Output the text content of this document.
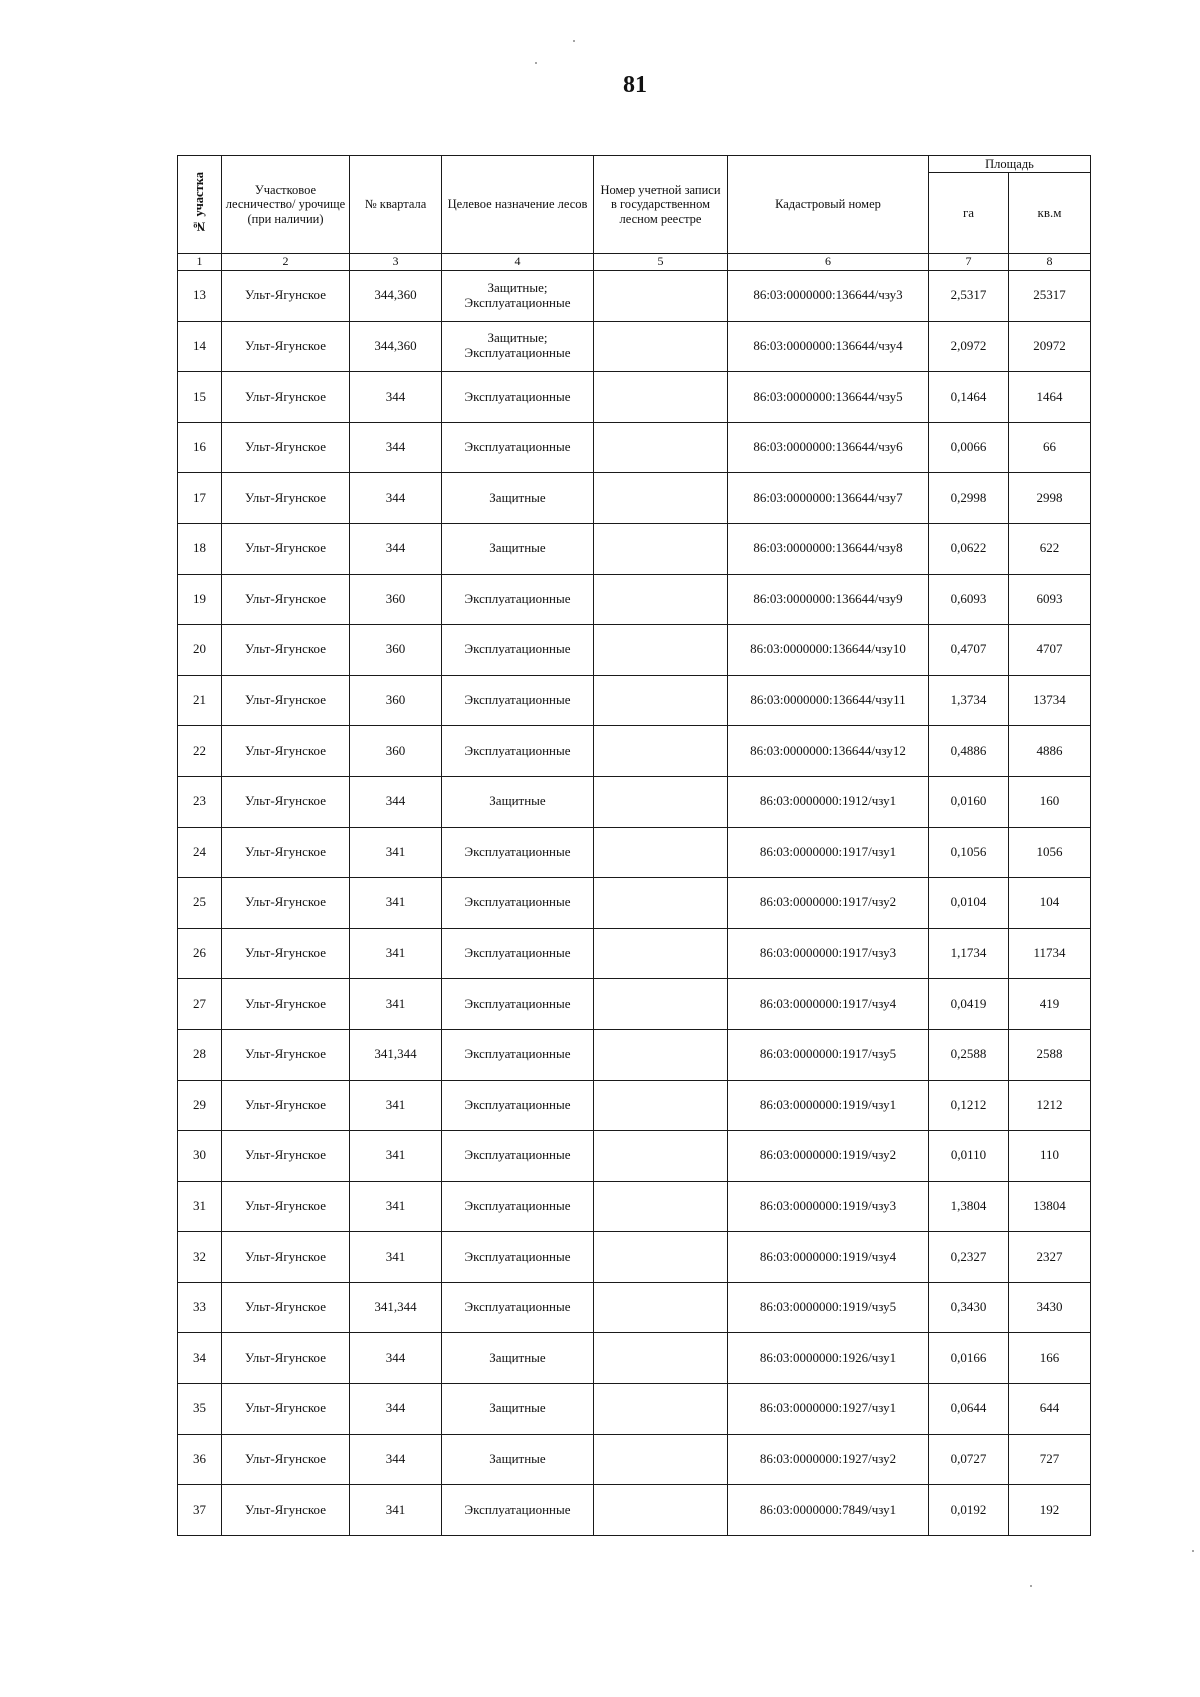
81
№ участка	Участковое лесничество/ урочище (при наличии)	№ квартала	Целевое назначение лесов	Номер учетной записи в государственном лесном реестре	Кадастровый номер	Площадь	
						га	кв.м
1	2	3	4	5	6	7	8
13	Ульт-Ягунское	344,360	Защитные; Эксплуатационные		86:03:0000000:136644/чзу3	2,5317	25317
14	Ульт-Ягунское	344,360	Защитные; Эксплуатационные		86:03:0000000:136644/чзу4	2,0972	20972
15	Ульт-Ягунское	344	Эксплуатационные		86:03:0000000:136644/чзу5	0,1464	1464
16	Ульт-Ягунское	344	Эксплуатационные		86:03:0000000:136644/чзу6	0,0066	66
17	Ульт-Ягунское	344	Защитные		86:03:0000000:136644/чзу7	0,2998	2998
18	Ульт-Ягунское	344	Защитные		86:03:0000000:136644/чзу8	0,0622	622
19	Ульт-Ягунское	360	Эксплуатационные		86:03:0000000:136644/чзу9	0,6093	6093
20	Ульт-Ягунское	360	Эксплуатационные		86:03:0000000:136644/чзу10	0,4707	4707
21	Ульт-Ягунское	360	Эксплуатационные		86:03:0000000:136644/чзу11	1,3734	13734
22	Ульт-Ягунское	360	Эксплуатационные		86:03:0000000:136644/чзу12	0,4886	4886
23	Ульт-Ягунское	344	Защитные		86:03:0000000:1912/чзу1	0,0160	160
24	Ульт-Ягунское	341	Эксплуатационные		86:03:0000000:1917/чзу1	0,1056	1056
25	Ульт-Ягунское	341	Эксплуатационные		86:03:0000000:1917/чзу2	0,0104	104
26	Ульт-Ягунское	341	Эксплуатационные		86:03:0000000:1917/чзу3	1,1734	11734
27	Ульт-Ягунское	341	Эксплуатационные		86:03:0000000:1917/чзу4	0,0419	419
28	Ульт-Ягунское	341,344	Эксплуатационные		86:03:0000000:1917/чзу5	0,2588	2588
29	Ульт-Ягунское	341	Эксплуатационные		86:03:0000000:1919/чзу1	0,1212	1212
30	Ульт-Ягунское	341	Эксплуатационные		86:03:0000000:1919/чзу2	0,0110	110
31	Ульт-Ягунское	341	Эксплуатационные		86:03:0000000:1919/чзу3	1,3804	13804
32	Ульт-Ягунское	341	Эксплуатационные		86:03:0000000:1919/чзу4	0,2327	2327
33	Ульт-Ягунское	341,344	Эксплуатационные		86:03:0000000:1919/чзу5	0,3430	3430
34	Ульт-Ягунское	344	Защитные		86:03:0000000:1926/чзу1	0,0166	166
35	Ульт-Ягунское	344	Защитные		86:03:0000000:1927/чзу1	0,0644	644
36	Ульт-Ягунское	344	Защитные		86:03:0000000:1927/чзу2	0,0727	727
37	Ульт-Ягунское	341	Эксплуатационные		86:03:0000000:7849/чзу1	0,0192	192
